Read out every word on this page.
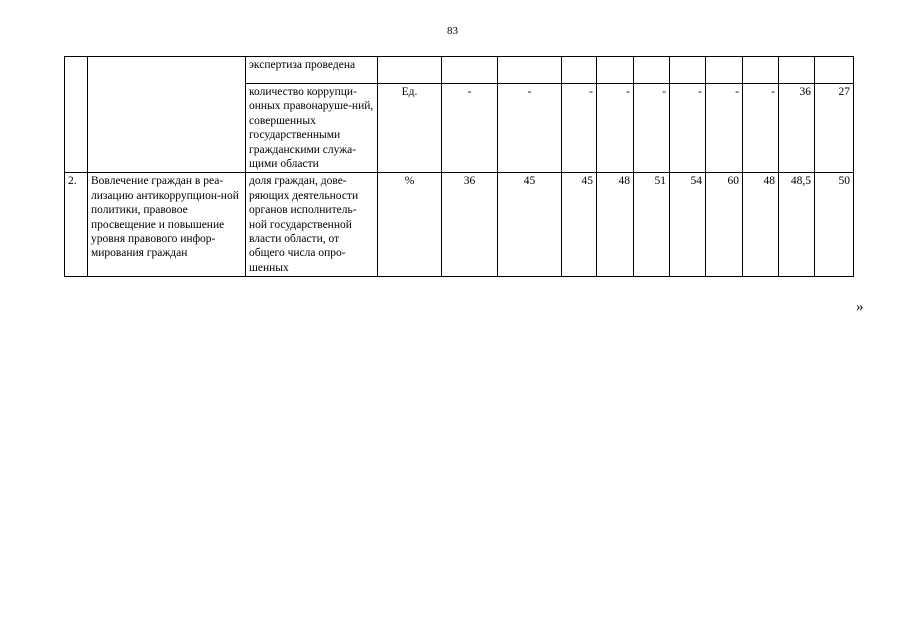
83
		экспертиза проведена											
		количество коррупци-онных правонаруше-ний, совершенных государственными гражданскими служа-щими области	Ед.	-	-	-	-	-	-	-	-	36	27
2.	Вовлечение граждан в реа-лизацию антикоррупцион-ной политики, правовое просвещение и повышение уровня правового инфор-мирования граждан	доля граждан, дове-ряющих деятельности органов исполнитель-ной государственной власти области, от общего числа опро-шенных	%	36	45	45	48	51	54	60	48	48,5	50
»
